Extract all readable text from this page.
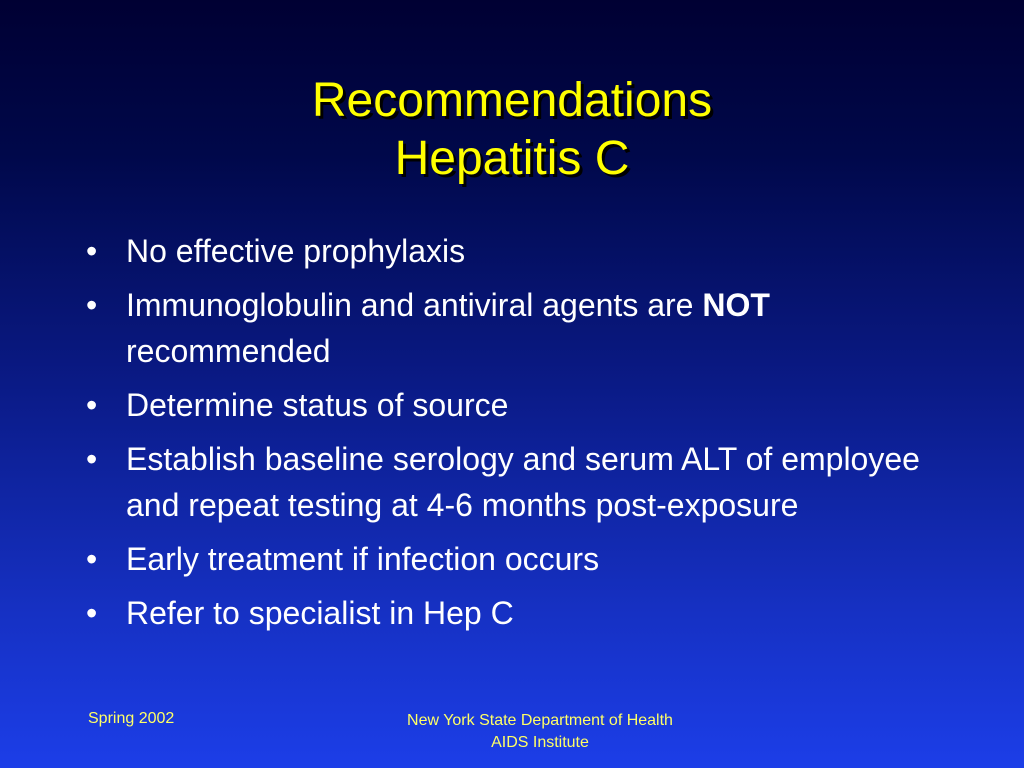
Recommendations
Hepatitis C
• No effective prophylaxis
• Immunoglobulin and antiviral agents are NOT recommended
• Determine status of source
• Establish baseline serology and serum ALT of employee and repeat testing at 4-6 months post-exposure
• Early treatment if infection occurs
• Refer to specialist in Hep C
Spring 2002	New York State Department of Health
AIDS Institute
